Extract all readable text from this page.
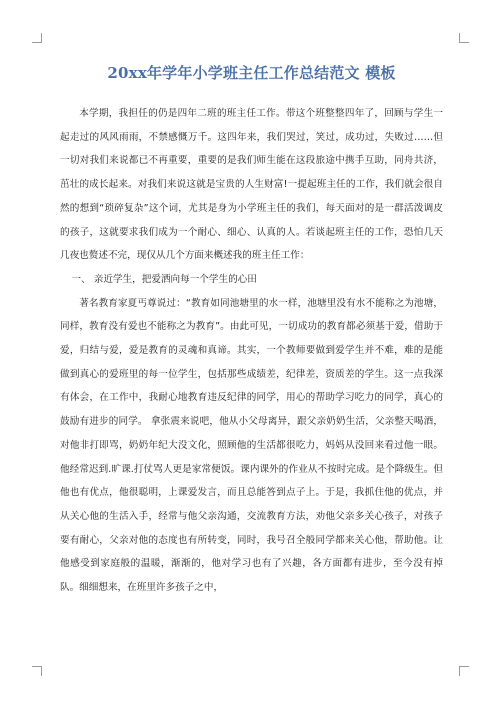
20xx年学年小学班主任工作总结范文 模板

本学期，我担任的仍是四年二班的班主任工作。带这个班整整四年了，回顾与学生一起走过的风风雨雨，不禁感慨万千。这四年来，我们哭过，笑过，成功过，失败过……但一切对我们来说都已不再重要，重要的是我们师生能在这段旅途中携手互助，同舟共济，茁壮的成长起来。对我们来说这就是宝贵的人生财富!一提起班主任的工作，我们就会很自然的想到“琐碎复杂”这个词，尤其是身为小学班主任的我们，每天面对的是一群活泼调皮的孩子，这就要求我们成为一个耐心、细心、认真的人。若谈起班主任的工作，恐怕几天几夜也赘述不完，现仅从几个方面来概述我的班主任工作：

一、 亲近学生，把爱洒向每一个学生的心田

著名教育家夏丐尊说过：“教育如同池塘里的水一样，池塘里没有水不能称之为池塘，同样，教育没有爱也不能称之为教育”。由此可见，一切成功的教育都必须基于爱，借助于爱，归结与爱，爱是教育的灵魂和真谛。其实，一个教师要做到爱学生并不难，难的是能做到真心的爱班里的每一位学生，包括那些成绩差，纪律差，资质差的学生。这一点我深有体会，在工作中，我耐心地教育违反纪律的同学，用心的帮助学习吃力的同学，真心的鼓励有进步的同学。 拿张震来说吧，他从小父母离异，跟父亲奶奶生活，父亲整天喝酒，对他非打即骂，奶奶年纪大没文化，照顾他的生活都很吃力，妈妈从没回来看过他一眼。他经常迟到.旷课.打仗骂人更是家常便饭。课内课外的作业从不按时完成。是个降级生。但他也有优点，他很聪明，上课爱发言，而且总能答到点子上。于是，我抓住他的优点，并从关心他的生活入手，经常与他父亲沟通，交流教育方法，劝他父亲多关心孩子，对孩子要有耐心，父亲对他的态度也有所转变，同时，我号召全般同学都来关心他，帮助他。让他感受到家庭般的温暖，渐渐的，他对学习也有了兴趣，各方面都有进步，至今没有掉队。细细想来，在班里许多孩子之中，
